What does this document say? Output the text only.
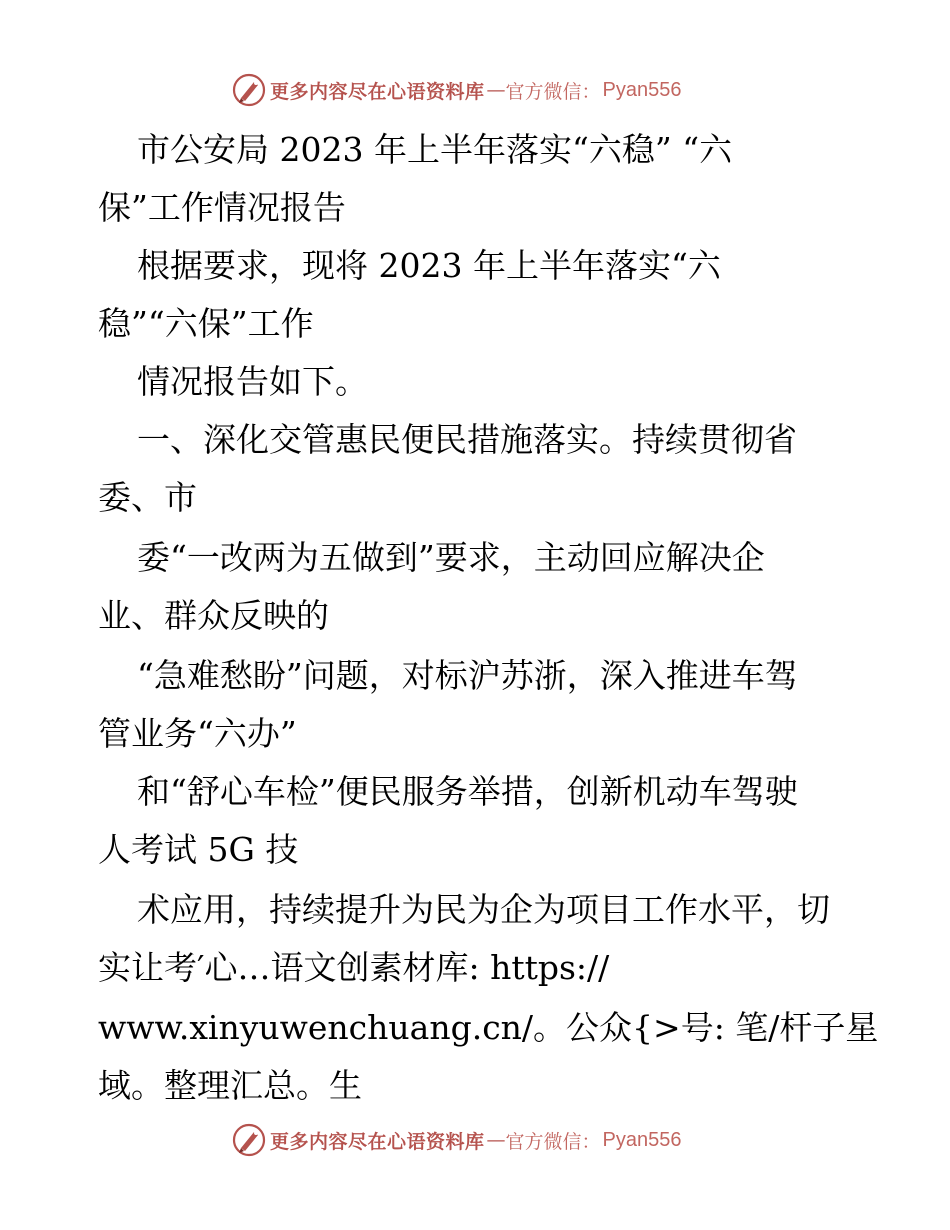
更多内容尽在心语资料库 — 官方微信： Pyan556
市公安局 2023 年上半年落实“六稳” “六
保”工作情况报告
根据要求，现将 2023 年上半年落实“六
稳”“六保”工作
情况报告如下。
一、深化交管惠民便民措施落实。持续贯彻省
委、市
委“一改两为五做到”要求，主动回应解决企
业、群众反映的
“急难愁盼”问题，对标沪苏浙，深入推进车驾
管业务“六办”
和“舒心车检”便民服务举措，创新机动车驾驶
人考试 5G 技
术应用，持续提升为民为企为项目工作水平，切
实让考′心…语文创素材库: https://
www.xinyuwenchuang.cn/。公众{>号: 笔/杆子星
域。整理汇总。生
更多内容尽在心语资料库 — 官方微信： Pyan556
